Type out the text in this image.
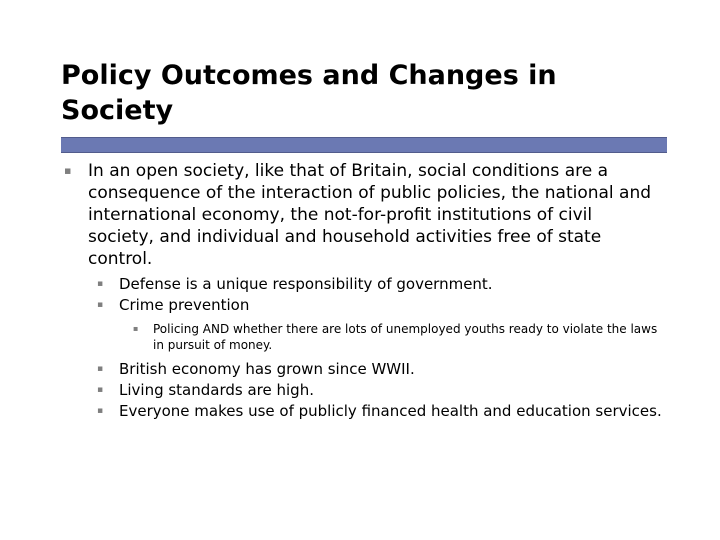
Policy Outcomes and Changes in Society
▪ In an open society, like that of Britain, social conditions are a consequence of the interaction of public policies, the national and international economy, the not-for-profit institutions of civil society, and individual and household activities free of state control.
▪ Defense is a unique responsibility of government.
▪ Crime prevention
▪ Policing AND whether there are lots of unemployed youths ready to violate the laws in pursuit of money.
▪ British economy has grown since WWII.
▪ Living standards are high.
▪ Everyone makes use of publicly financed health and education services.
